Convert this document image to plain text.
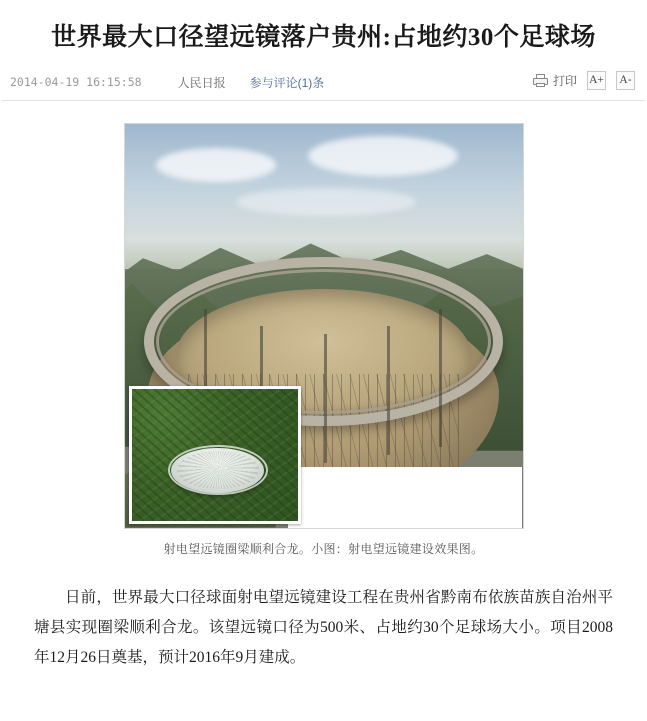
世界最大口径望远镜落户贵州:占地约30个足球场
2014-04-19 16:15:58	人民日报 参与评论(1)条	打印 A+ A-
射电望远镜圈梁顺利合龙。小图：射电望远镜建设效果图。

日前，世界最大口径球面射电望远镜建设工程在贵州省黔南布依族苗族自治州平塘县实现圈梁顺利合龙。该望远镜口径为500米、占地约30个足球场大小。项目2008年12月26日奠基，预计2016年9月建成。
